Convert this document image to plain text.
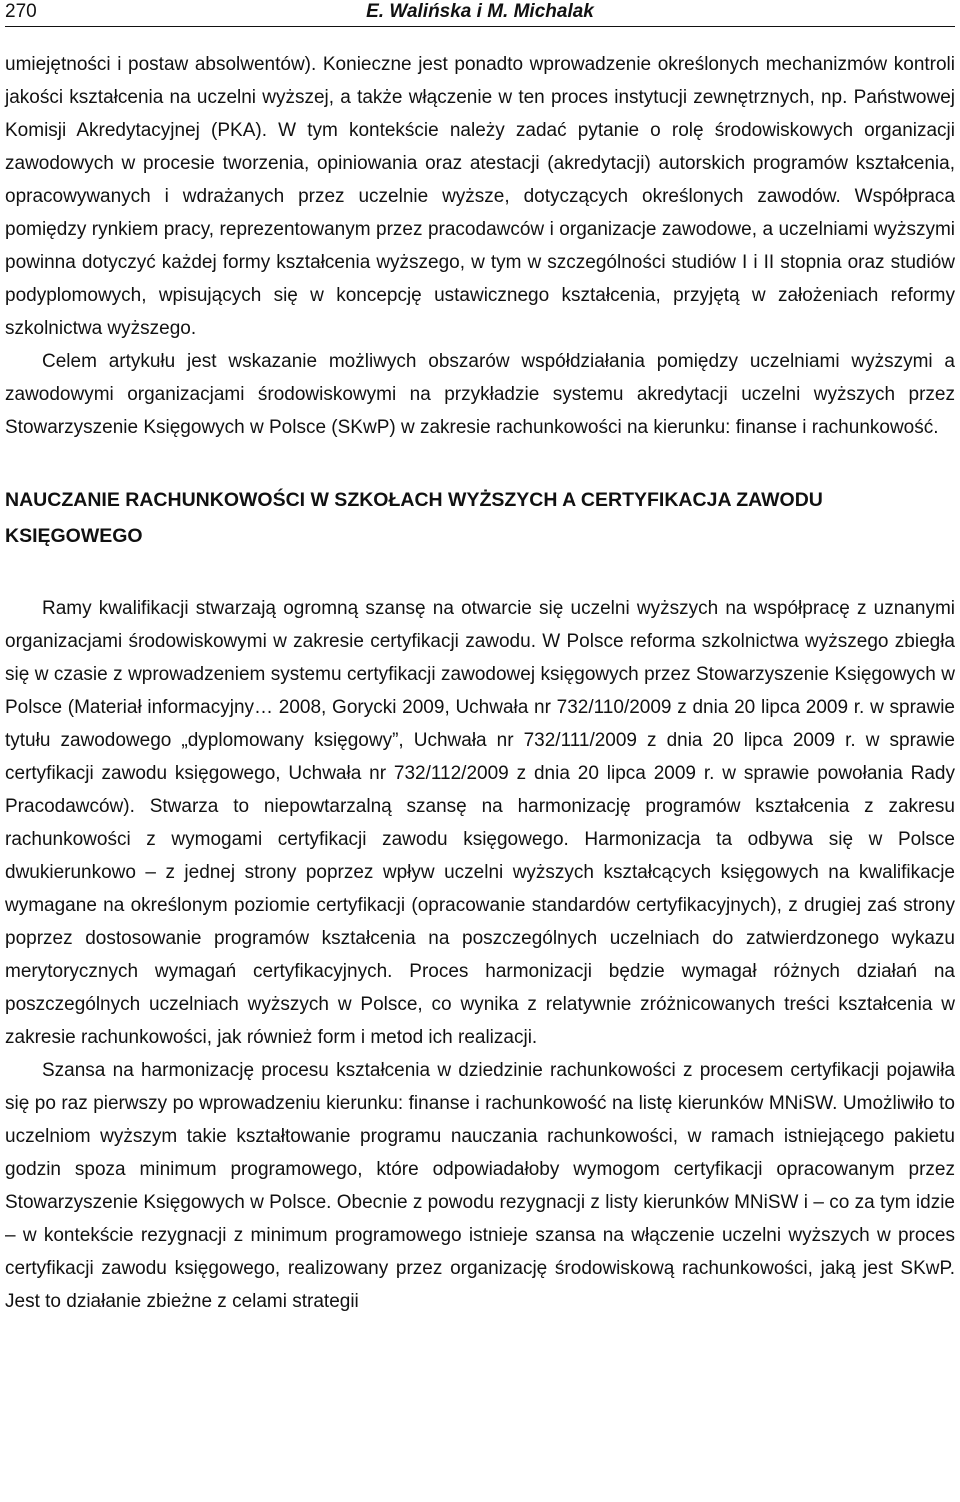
270	E. Walińska i M. Michalak

umiejętności i postaw absolwentów). Konieczne jest ponadto wprowadzenie określonych mechanizmów kontroli jakości kształcenia na uczelni wyższej, a także włączenie w ten proces instytucji zewnętrznych, np. Państwowej Komisji Akredytacyjnej (PKA). W tym kontekście należy zadać pytanie o rolę środowiskowych organizacji zawodowych w procesie tworzenia, opiniowania oraz atestacji (akredytacji) autorskich programów kształcenia, opracowywanych i wdrażanych przez uczelnie wyższe, dotyczących określonych zawodów. Współpraca pomiędzy rynkiem pracy, reprezentowanym przez pracodawców i organizacje zawodowe, a uczelniami wyższymi powinna dotyczyć każdej formy kształcenia wyższego, w tym w szczególności studiów I i II stopnia oraz studiów podyplomowych, wpisujących się w koncepcję ustawicznego kształcenia, przyjętą w założeniach reformy szkolnictwa wyższego.

Celem artykułu jest wskazanie możliwych obszarów współdziałania pomiędzy uczelniami wyższymi a zawodowymi organizacjami środowiskowymi na przykładzie systemu akredytacji uczelni wyższych przez Stowarzyszenie Księgowych w Polsce (SKwP) w zakresie rachunkowości na kierunku: finanse i rachunkowość.

NAUCZANIE RACHUNKOWOŚCI W SZKOŁACH WYŻSZYCH A CERTYFIKACJA ZAWODU KSIĘGOWEGO

Ramy kwalifikacji stwarzają ogromną szansę na otwarcie się uczelni wyższych na współpracę z uznanymi organizacjami środowiskowymi w zakresie certyfikacji zawodu. W Polsce reforma szkolnictwa wyższego zbiegła się w czasie z wprowadzeniem systemu certyfikacji zawodowej księgowych przez Stowarzyszenie Księgowych w Polsce (Materiał informacyjny… 2008, Gorycki 2009, Uchwała nr 732/110/2009 z dnia 20 lipca 2009 r. w sprawie tytułu zawodowego „dyplomowany księgowy”, Uchwała nr 732/111/2009 z dnia 20 lipca 2009 r. w sprawie certyfikacji zawodu księgowego, Uchwała nr 732/112/2009 z dnia 20 lipca 2009 r. w sprawie powołania Rady Pracodawców). Stwarza to niepowtarzalną szansę na harmonizację programów kształcenia z zakresu rachunkowości z wymogami certyfikacji zawodu księgowego. Harmonizacja ta odbywa się w Polsce dwukierunkowo – z jednej strony poprzez wpływ uczelni wyższych kształcących księgowych na kwalifikacje wymagane na określonym poziomie certyfikacji (opracowanie standardów certyfikacyjnych), z drugiej zaś strony poprzez dostosowanie programów kształcenia na poszczególnych uczelniach do zatwierdzonego wykazu merytorycznych wymagań certyfikacyjnych. Proces harmonizacji będzie wymagał różnych działań na poszczególnych uczelniach wyższych w Polsce, co wynika z relatywnie zróżnicowanych treści kształcenia w zakresie rachunkowości, jak również form i metod ich realizacji.

Szansa na harmonizację procesu kształcenia w dziedzinie rachunkowości z procesem certyfikacji pojawiła się po raz pierwszy po wprowadzeniu kierunku: finanse i rachunkowość na listę kierunków MNiSW. Umożliwiło to uczelniom wyższym takie kształtowanie programu nauczania rachunkowości, w ramach istniejącego pakietu godzin spoza minimum programowego, które odpowiadałoby wymogom certyfikacji opracowanym przez Stowarzyszenie Księgowych w Polsce. Obecnie z powodu rezygnacji z listy kierunków MNiSW i – co za tym idzie – w kontekście rezygnacji z minimum programowego istnieje szansa na włączenie uczelni wyższych w proces certyfikacji zawodu księgowego, realizowany przez organizację środowiskową rachunkowości, jaką jest SKwP. Jest to działanie zbieżne z celami strategii
